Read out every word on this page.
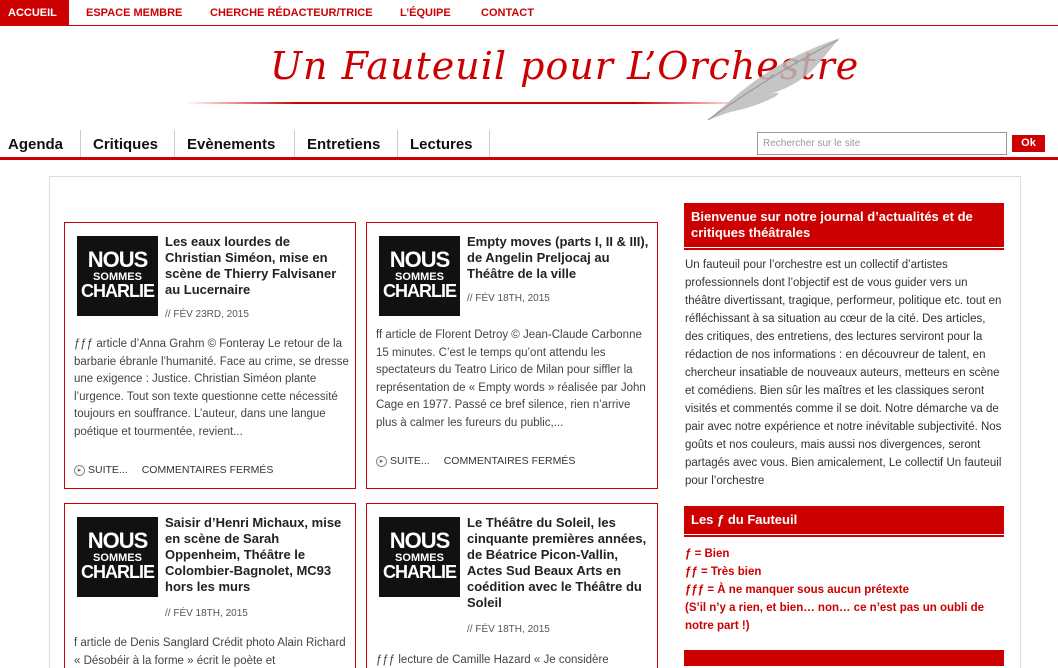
ACCUEIL	ESPACE MEMBRE	CHERCHE RÉDACTEUR/TRICE L’ÉQUIPE	CONTACT
Un Fauteuil pour L’Orchestre
Agenda	Critiques	Evènements	Entretiens	Lectures	Rechercher sur le site	Ok
NOUS
SOMMES
CHARLIE
Les eaux lourdes de Christian Siméon, mise en scène de Thierry Falvisaner au Lucernaire
// FÉV 23RD, 2015
ƒƒƒ article d’Anna Grahm © Fonteray Le retour de la barbarie ébranle l’humanité. Face au crime, se dresse une exigence : Justice. Christian Siméon plante l’urgence. Tout son texte questionne cette nécessité toujours en souffrance. L’auteur, dans une langue poétique et tourmentée, revient...
▸ SUITE... COMMENTAIRES FERMÉS
NOUS
SOMMES
CHARLIE
Empty moves (parts I, II & III), de Angelin Preljocaj au Théâtre de la ville
// FÉV 18TH, 2015
ff article de Florent Detroy © Jean-Claude Carbonne 15 minutes. C’est le temps qu’ont attendu les spectateurs du Teatro Lirico de Milan pour siffler la représentation de « Empty words » réalisée par John Cage en 1977. Passé ce bref silence, rien n’arrive plus à calmer les fureurs du public,...
▸ SUITE... COMMENTAIRES FERMÉS
NOUS
SOMMES
CHARLIE
Saisir d’Henri Michaux, mise en scène de Sarah Oppenheim, Théâtre le Colombier-Bagnolet, MC93 hors les murs
// FÉV 18TH, 2015
f article de Denis Sanglard Crédit photo Alain Richard « Désobéir à la forme » écrit le poète et
NOUS
SOMMES
CHARLIE
Le Théâtre du Soleil, les cinquante premières années, de Béatrice Picon-Vallin, Actes Sud Beaux Arts en coédition avec le Théâtre du Soleil
// FÉV 18TH, 2015
ƒƒƒ lecture de Camille Hazard « Je considère
Bienvenue sur notre journal d’actualités et de critiques théâtrales
Un fauteuil pour l’orchestre est un collectif d’artistes professionnels dont l’objectif est de vous guider vers un théâtre divertissant, tragique, performeur, politique etc. tout en réfléchissant à sa situation au cœur de la cité. Des articles, des critiques, des entretiens, des lectures serviront pour la rédaction de nos informations : en découvreur de talent, en chercheur insatiable de nouveaux auteurs, metteurs en scène et comédiens. Bien sûr les maîtres et les classiques seront visités et commentés comme il se doit. Notre démarche va de pair avec notre expérience et notre inévitable subjectivité. Nos goûts et nos couleurs, mais aussi nos divergences, seront partagés avec vous. Bien amicalement, Le collectif Un fauteuil pour l’orchestre
Les ƒ du Fauteuil
ƒ = Bien
ƒƒ = Très bien
ƒƒƒ = À ne manquer sous aucun prétexte
(S’il n’y a rien, et bien… non… ce n’est pas un oubli de notre part !)
